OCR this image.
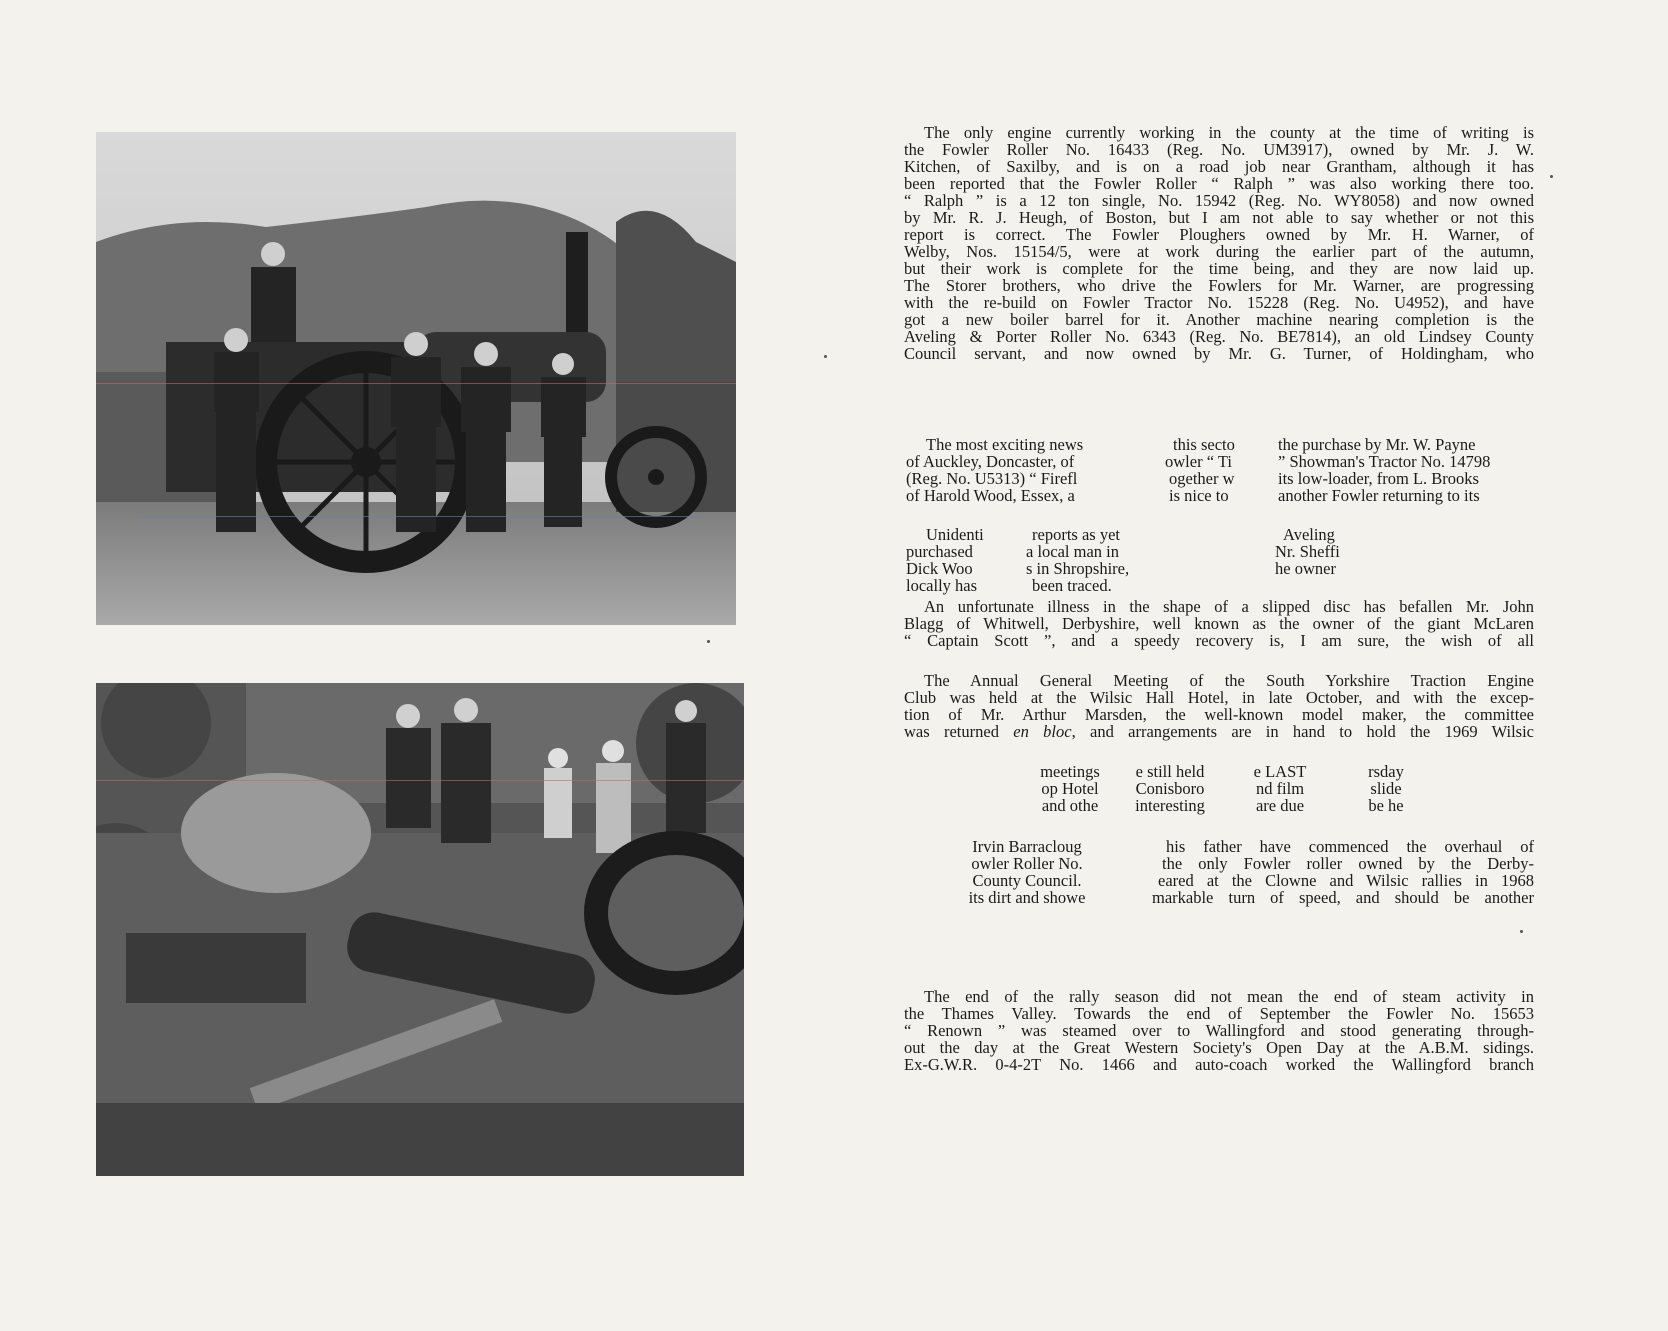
The only engine currently working in the county at the time of writing is
the Fowler Roller No. 16433 (Reg. No. UM3917), owned by Mr. J. W.
Kitchen, of Saxilby, and is on a road job near Grantham, although it has
been reported that the Fowler Roller “ Ralph ” was also working there too.
“ Ralph ” is a 12 ton single, No. 15942 (Reg. No. WY8058) and now owned
by Mr. R. J. Heugh, of Boston, but I am not able to say whether or not this
report is correct. The Fowler Ploughers owned by Mr. H. Warner, of
Welby, Nos. 15154/5, were at work during the earlier part of the autumn,
but their work is complete for the time being, and they are now laid up.
The Storer brothers, who drive the Fowlers for Mr. Warner, are progressing
with the re-build on Fowler Tractor No. 15228 (Reg. No. U4952), and have
got a new boiler barrel for it. Another machine nearing completion is the
Aveling & Porter Roller No. 6343 (Reg. No. BE7814), an old Lindsey County
Council servant, and now owned by Mr. G. Turner, of Holdingham, who
The most exciting news
of Auckley, Doncaster, of
(Reg. No. U5313) “ Firefl
of Harold Wood, Essex, a
this secto
owler “ Ti
ogether w
is nice to
the purchase by Mr. W. Payne
” Showman's Tractor No. 14798
its low-loader, from L. Brooks
another Fowler returning to its
Unidenti
purchased
Dick Woo
locally has
reports as yet
a local man in
s in Shropshire,
been traced.
Aveling
Nr. Sheffi
he owner
An unfortunate illness in the shape of a slipped disc has befallen Mr. John
Blagg of Whitwell, Derbyshire, well known as the owner of the giant McLaren
“ Captain Scott ”, and a speedy recovery is, I am sure, the wish of all
The Annual General Meeting of the South Yorkshire Traction Engine
Club was held at the Wilsic Hall Hotel, in late October, and with the excep-
tion of Mr. Arthur Marsden, the well-known model maker, the committee
was returned en bloc, and arrangements are in hand to hold the 1969 Wilsic
meetings
op Hotel
and othe
e still held
Conisboro
interesting
e LAST
nd film
are due
rsday
slide
be he
Irvin Barracloug
owler Roller No.
County Council.
its dirt and showe
his father have commenced the overhaul of
the only Fowler roller owned by the Derby-
eared at the Clowne and Wilsic rallies in 1968
markable turn of speed, and should be another
The end of the rally season did not mean the end of steam activity in
the Thames Valley. Towards the end of September the Fowler No. 15653
“ Renown ” was steamed over to Wallingford and stood generating through-
out the day at the Great Western Society's Open Day at the A.B.M. sidings.
Ex-G.W.R. 0-4-2T No. 1466 and auto-coach worked the Wallingford branch
